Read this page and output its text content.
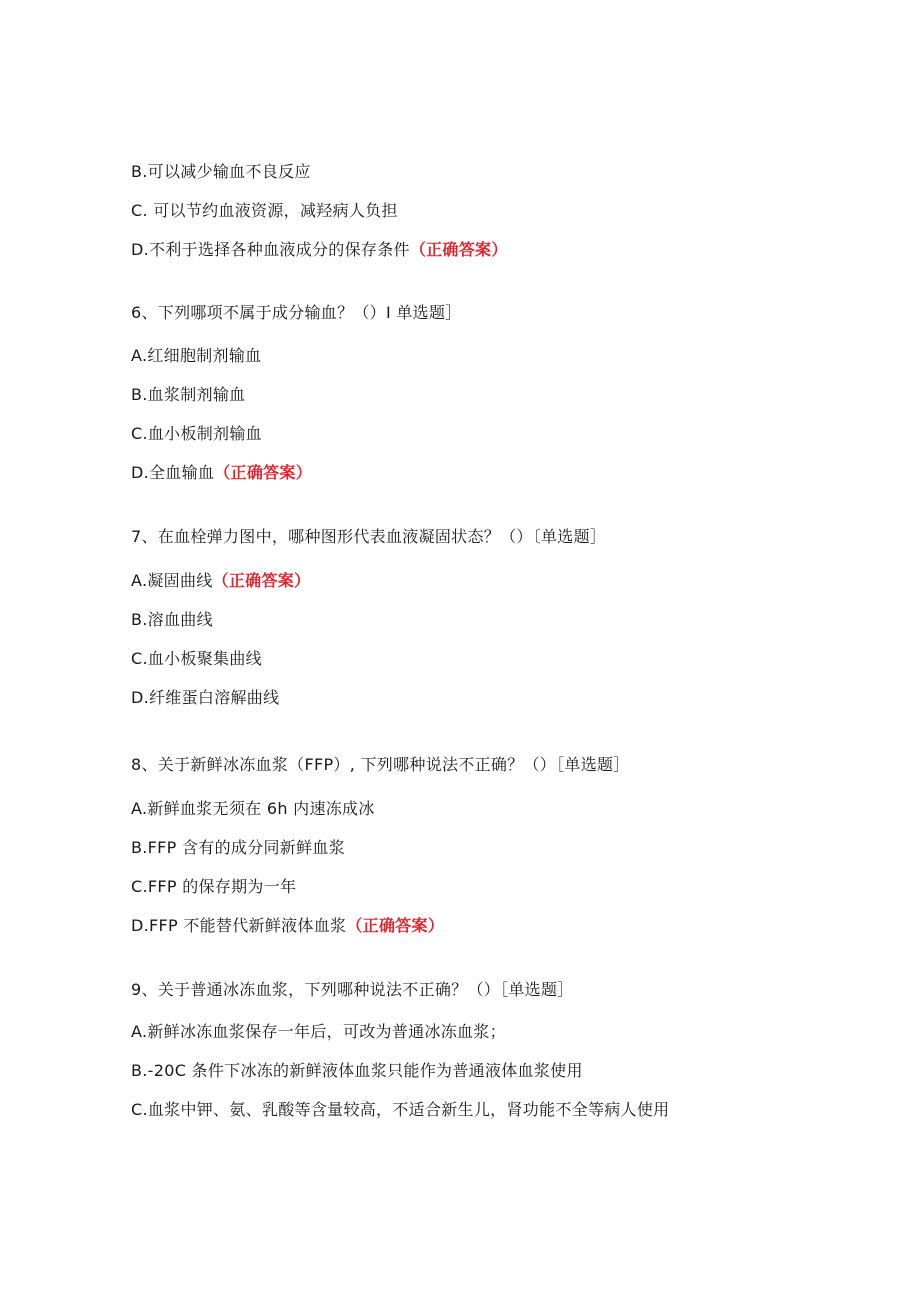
B.可以减少输血不良反应
C. 可以节约血液资源，减羟病人负担
D.不利于选择各种血液成分的保存条件（正确答案）
6、下列哪项不属于成分输血？（）I 单选题］
A.红细胞制剂输血
B.血浆制剂输血
C.血小板制剂输血
D.全血输血（正确答案）
7、在血栓弹力图中，哪种图形代表血液凝固状态？（）〔单选题］
A.凝固曲线（正确答案）
B.溶血曲线
C.血小板聚集曲线
D.纤维蛋白溶解曲线
8、关于新鲜冰冻血浆（FFP）, 下列哪种说法不正确？（）［单选题］
A.新鲜血浆无须在 6h 内速冻成冰
B.FFP 含有的成分同新鲜血浆
C.FFP 的保存期为一年
D.FFP 不能替代新鲜液体血浆（正确答案）
9、关于普通冰冻血浆，下列哪种说法不正确？（）［单选题］
A.新鲜冰冻血浆保存一年后，可改为普通冰冻血浆；
B.-20C 条件下冰冻的新鲜液体血浆只能作为普通液体血浆使用
C.血浆中钾、氨、乳酸等含量较高，不适合新生儿，肾功能不全等病人使用
